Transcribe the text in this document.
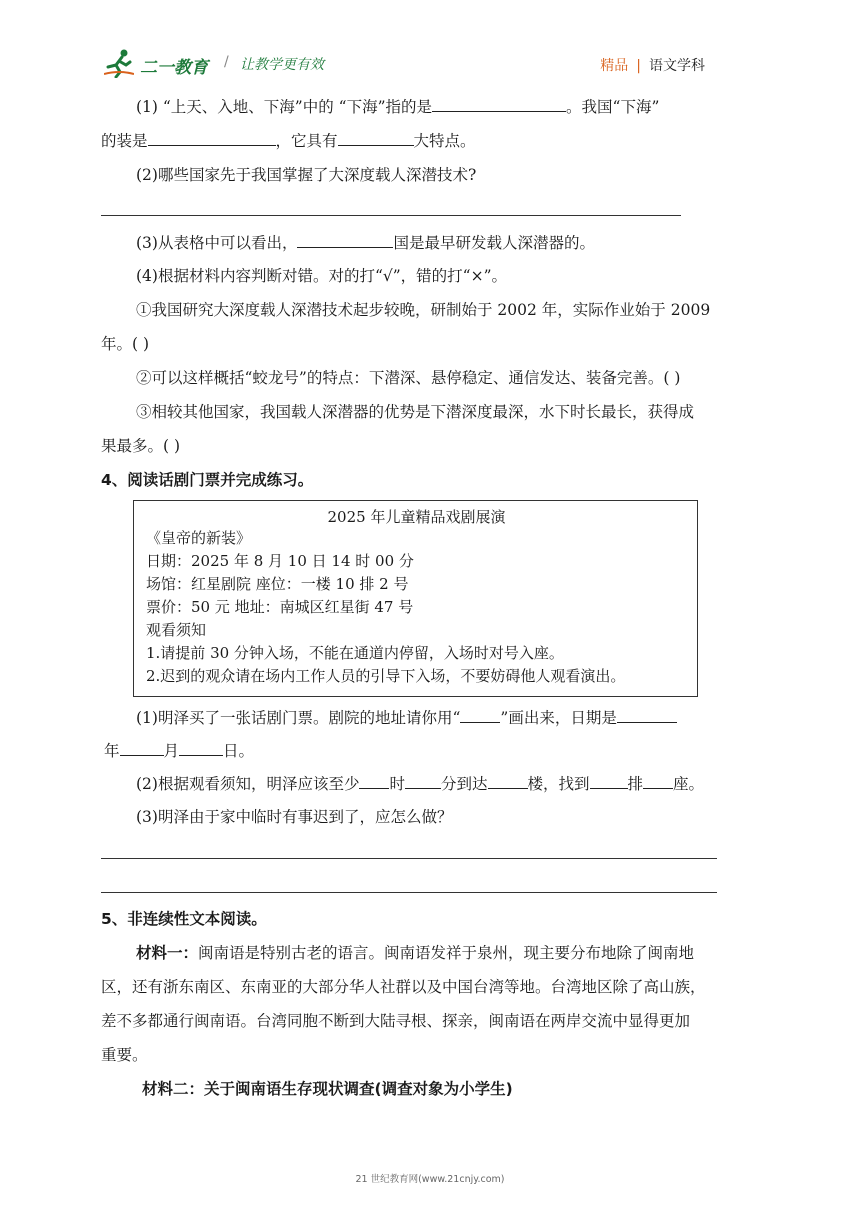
二一教育 / 让教学更有效	精品 | 语文学科
(1) “上天、入地、下海”中的 “下海”指的是	。我国“下海”
的装是	，它具有	大特点。
(2)哪些国家先于我国掌握了大深度载人深潜技术?
(3)从表格中可以看出，	国是最早研发载人深潜器的。
(4)根据材料内容判断对错。对的打“√”，错的打“×”。
①我国研究大深度载人深潜技术起步较晚，研制始于 2002 年，实际作业始于 2009
年。( )
②可以这样概括“蛟龙号”的特点：下潜深、悬停稳定、通信发达、装备完善。( )
③相较其他国家，我国载人深潜器的优势是下潜深度最深，水下时长最长，获得成
果最多。( )
4、阅读话剧门票并完成练习。
2025 年儿童精品戏剧展演
《皇帝的新装》
日期：2025 年 8 月 10 日 14 时 00 分
场馆：红星剧院 座位：一楼 10 排 2 号
票价：50 元 地址：南城区红星街 47 号
观看须知
1.请提前 30 分钟入场，不能在通道内停留，入场时对号入座。
2.迟到的观众请在场内工作人员的引导下入场，不要妨碍他人观看演出。
(1)明泽买了一张话剧门票。剧院的地址请你用“	”画出来，日期是
年	月	日。
(2)根据观看须知，明泽应该至少 时 分到达	楼，找到 排 座。
(3)明泽由于家中临时有事迟到了，应怎么做？
5、非连续性文本阅读。
材料一：闽南语是特别古老的语言。闽南语发祥于泉州，现主要分布地除了闽南地
区，还有浙东南区、东南亚的大部分华人社群以及中国台湾等地。台湾地区除了高山族，
差不多都通行闽南语。台湾同胞不断到大陆寻根、探亲，闽南语在两岸交流中显得更加
重要。
材料二：关于闽南语生存现状调查(调查对象为小学生)
21 世纪教育网(www.21cnjy.com)
